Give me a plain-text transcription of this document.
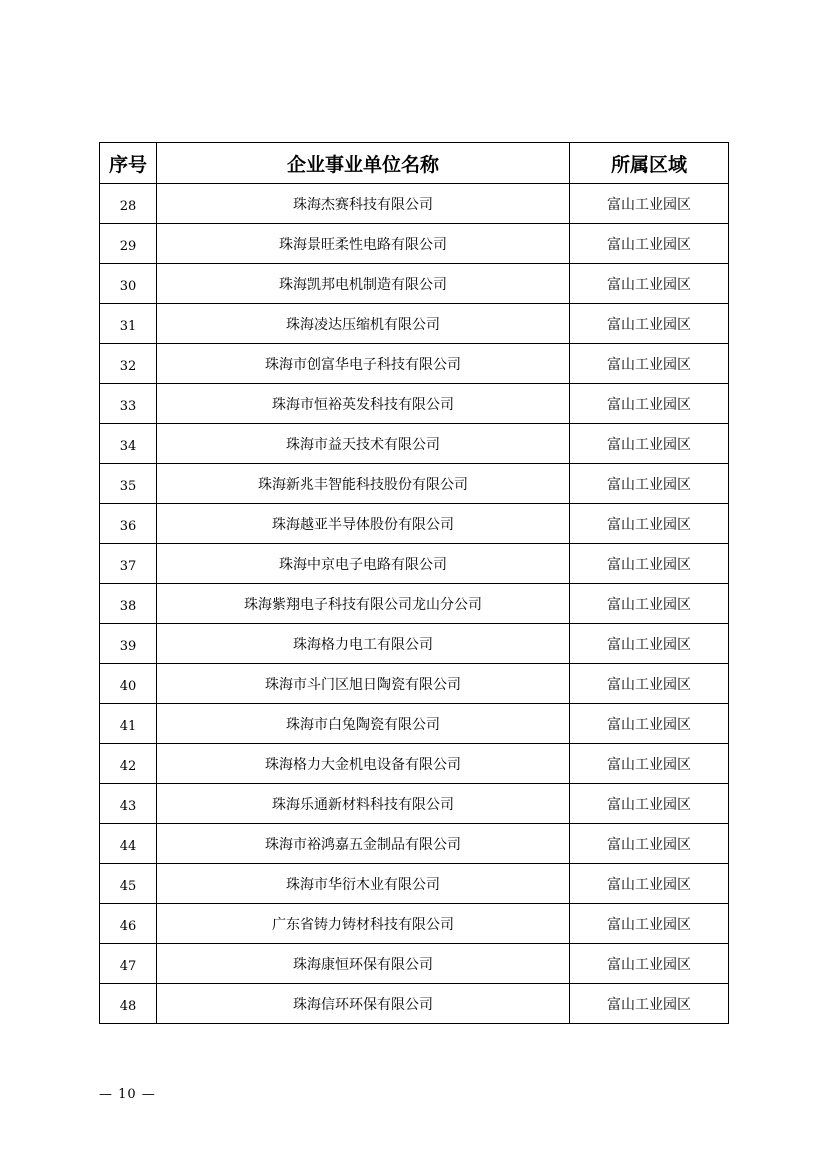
序号	企业事业单位名称	所属区域
28	珠海杰赛科技有限公司	富山工业园区
29	珠海景旺柔性电路有限公司	富山工业园区
30	珠海凯邦电机制造有限公司	富山工业园区
31	珠海凌达压缩机有限公司	富山工业园区
32	珠海市创富华电子科技有限公司	富山工业园区
33	珠海市恒裕英发科技有限公司	富山工业园区
34	珠海市益天技术有限公司	富山工业园区
35	珠海新兆丰智能科技股份有限公司	富山工业园区
36	珠海越亚半导体股份有限公司	富山工业园区
37	珠海中京电子电路有限公司	富山工业园区
38	珠海紫翔电子科技有限公司龙山分公司	富山工业园区
39	珠海格力电工有限公司	富山工业园区
40	珠海市斗门区旭日陶瓷有限公司	富山工业园区
41	珠海市白兔陶瓷有限公司	富山工业园区
42	珠海格力大金机电设备有限公司	富山工业园区
43	珠海乐通新材料科技有限公司	富山工业园区
44	珠海市裕鸿嘉五金制品有限公司	富山工业园区
45	珠海市华衍木业有限公司	富山工业园区
46	广东省铸力铸材科技有限公司	富山工业园区
47	珠海康恒环保有限公司	富山工业园区
48	珠海信环环保有限公司	富山工业园区
— 10 —
